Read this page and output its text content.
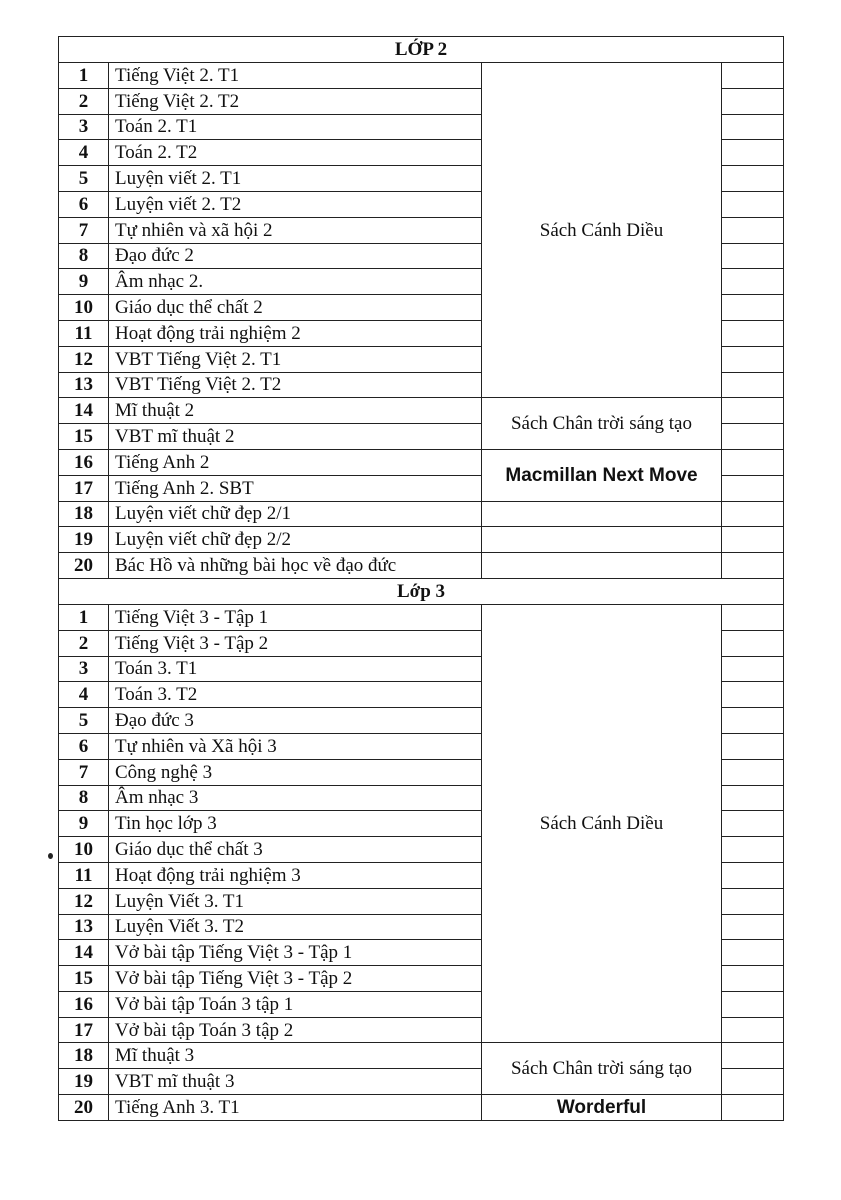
LỚP 2			
1	Tiếng Việt 2. T1	Sách Cánh Diều	
2	Tiếng Việt 2. T2		
3	Toán 2. T1		
4	Toán 2. T2		
5	Luyện viết 2. T1		
6	Luyện viết 2. T2		
7	Tự nhiên và xã hội 2		
8	Đạo đức 2		
9	Âm nhạc 2.		
10	Giáo dục thể chất 2		
11	Hoạt động trải nghiệm 2		
12	VBT Tiếng Việt 2. T1		
13	VBT Tiếng Việt 2. T2		
14	Mĩ thuật 2	Sách Chân trời sáng tạo	
15	VBT mĩ thuật 2		
16	Tiếng Anh 2	Macmillan Next Move	
17	Tiếng Anh 2. SBT		
18	Luyện viết chữ đẹp 2/1		
19	Luyện viết chữ đẹp 2/2		
20	Bác Hồ và những bài học về đạo đức		
Lớp 3			
1	Tiếng Việt 3 - Tập 1	Sách Cánh Diều	
2	Tiếng Việt 3 - Tập 2		
3	Toán 3. T1		
4	Toán 3. T2		
5	Đạo đức 3		
6	Tự nhiên và Xã hội 3		
7	Công nghệ 3		
8	Âm nhạc 3		
9	Tin học lớp 3		
10	Giáo dục thể chất 3		
11	Hoạt động trải nghiệm 3		
12	Luyện Viết 3. T1		
13	Luyện Viết 3. T2		
14	Vở bài tập Tiếng Việt 3 - Tập 1		
15	Vở bài tập Tiếng Việt 3 - Tập 2		
16	Vở bài tập Toán 3 tập 1		
17	Vở bài tập Toán 3 tập 2		
18	Mĩ thuật 3	Sách Chân trời sáng tạo	
19	VBT mĩ thuật 3		
20	Tiếng Anh 3. T1	Worderful	
